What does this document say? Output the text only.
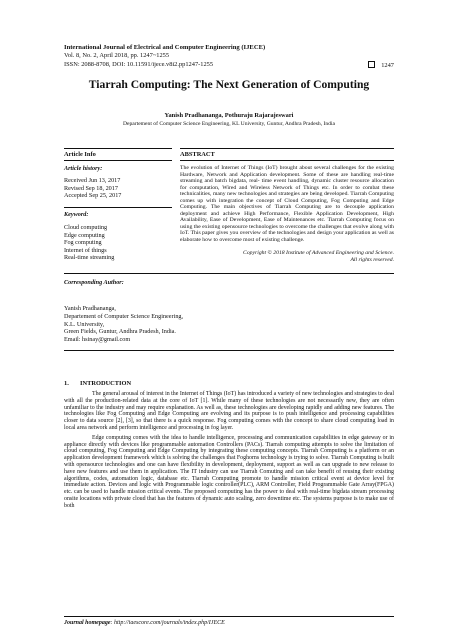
International Journal of Electrical and Computer Engineering (IJECE)
Vol. 8, No. 2, April 2018, pp. 1247~1255
ISSN: 2088-8708, DOI: 10.11591/ijece.v8i2.pp1247-1255	1247
Tiarrah Computing: The Next Generation of Computing
Yanish Pradhananga, Pothuraju Rajarajeswari
Departement of Computer Science Engineering, KL University, Guntur, Andhra Pradesh, India
Article Info	ABSTRACT
Article history:
Received Jun 13, 2017
Revised Sep 18, 2017
Accepted Sep 25, 2017
Keyword:
Cloud computing
Edge computing
Fog computing
Internet of things
Real-time streaming
The evolution of Internet of Things (IoT) brought about several challenges for the existing Hardware, Network and Application development. Some of these are handling real-time streaming and batch bigdata, real- time event handling, dynamic cluster resource allocation for computation, Wired and Wireless Network of Things etc. In order to combat these technicalities, many new technologies and strategies are being developed. Tiarrah Computing comes up with integration the concept of Cloud Computing, Fog Computing and Edge Computing. The main objectives of Tiarrah Computing are to decouple application deployment and achieve High Performance, Flexible Application Development, High Availability, Ease of Development, Ease of Maintenances etc. Tiarrah Computing focus on using the existing opensource technologies to overcome the challenges that evolve along with IoT. This paper gives you overview of the technologies and design your application as well as elaborate how to overcome most of existing challenge.
Copyright © 2018 Institute of Advanced Engineering and Science.
All rights reserved.
Corresponding Author:
Yanish Pradhananga,
Departement of Computer Science Engineering,
K.L. University,
Green Fields, Guntur, Andhra Pradesh, India.
Email: hsinay@gmail.com
1. INTRODUCTION

The general arousal of interest in the Internet of Things (IoT) has introduced a variety of new technologies and strategies to deal with all the production-related data at the core of IoT [1]. While many of these technologies are not necessarily new, they are often unfamiliar to the industry and may require explanation. As well as, these technologies are developing rapidly and adding new features. The technologies like Fog Computing and Edge Computing are evolving and its purpose is to push intelligence and processing capabilities closer to data source [2], [3], so that there is a quick response. Fog computing comes with the concept to share cloud computing load in local area network and perform intelligence and processing in fog layer.

Edge computing comes with the idea to handle intelligence, processing and communication capabilities in edge gateway or in appliance directly with devices like programmable automation Controllers (PACs). Tiarrah computing attempts to solve the limitation of cloud computing, Fog Computing and Edge Computing by integrating these computing concepts. Tiarrah Computing is a platform or an application development framework which is solving the challenges that Foghorns technology is trying to solve. Tiarrah Computing is built with opensource technologies and one can have flexibility in development, deployment, support as well as can upgrade to new release to have new features and use them in application. The IT industry can use Tiarrah Comuting and can take benefit of reusing their existing algorithms, codes, automation logic, database etc. Tiarrah Computing promote to handle mission critical event at device level for immediate action. Devices and logic with Programmable logic controller(PLC), ARM Controller, Field Programmable Gate Array(FPGA) etc. can be used to handle mission critical events. The proposed computing has the power to deal with real-time bigdata stream processing onsite locations with private cloud that has the features of dynamic auto scaling, zero downtime etc. The systems purpose is to make use of both

Journal homepage: http://iaescore.com/journals/index.php/IJECE
